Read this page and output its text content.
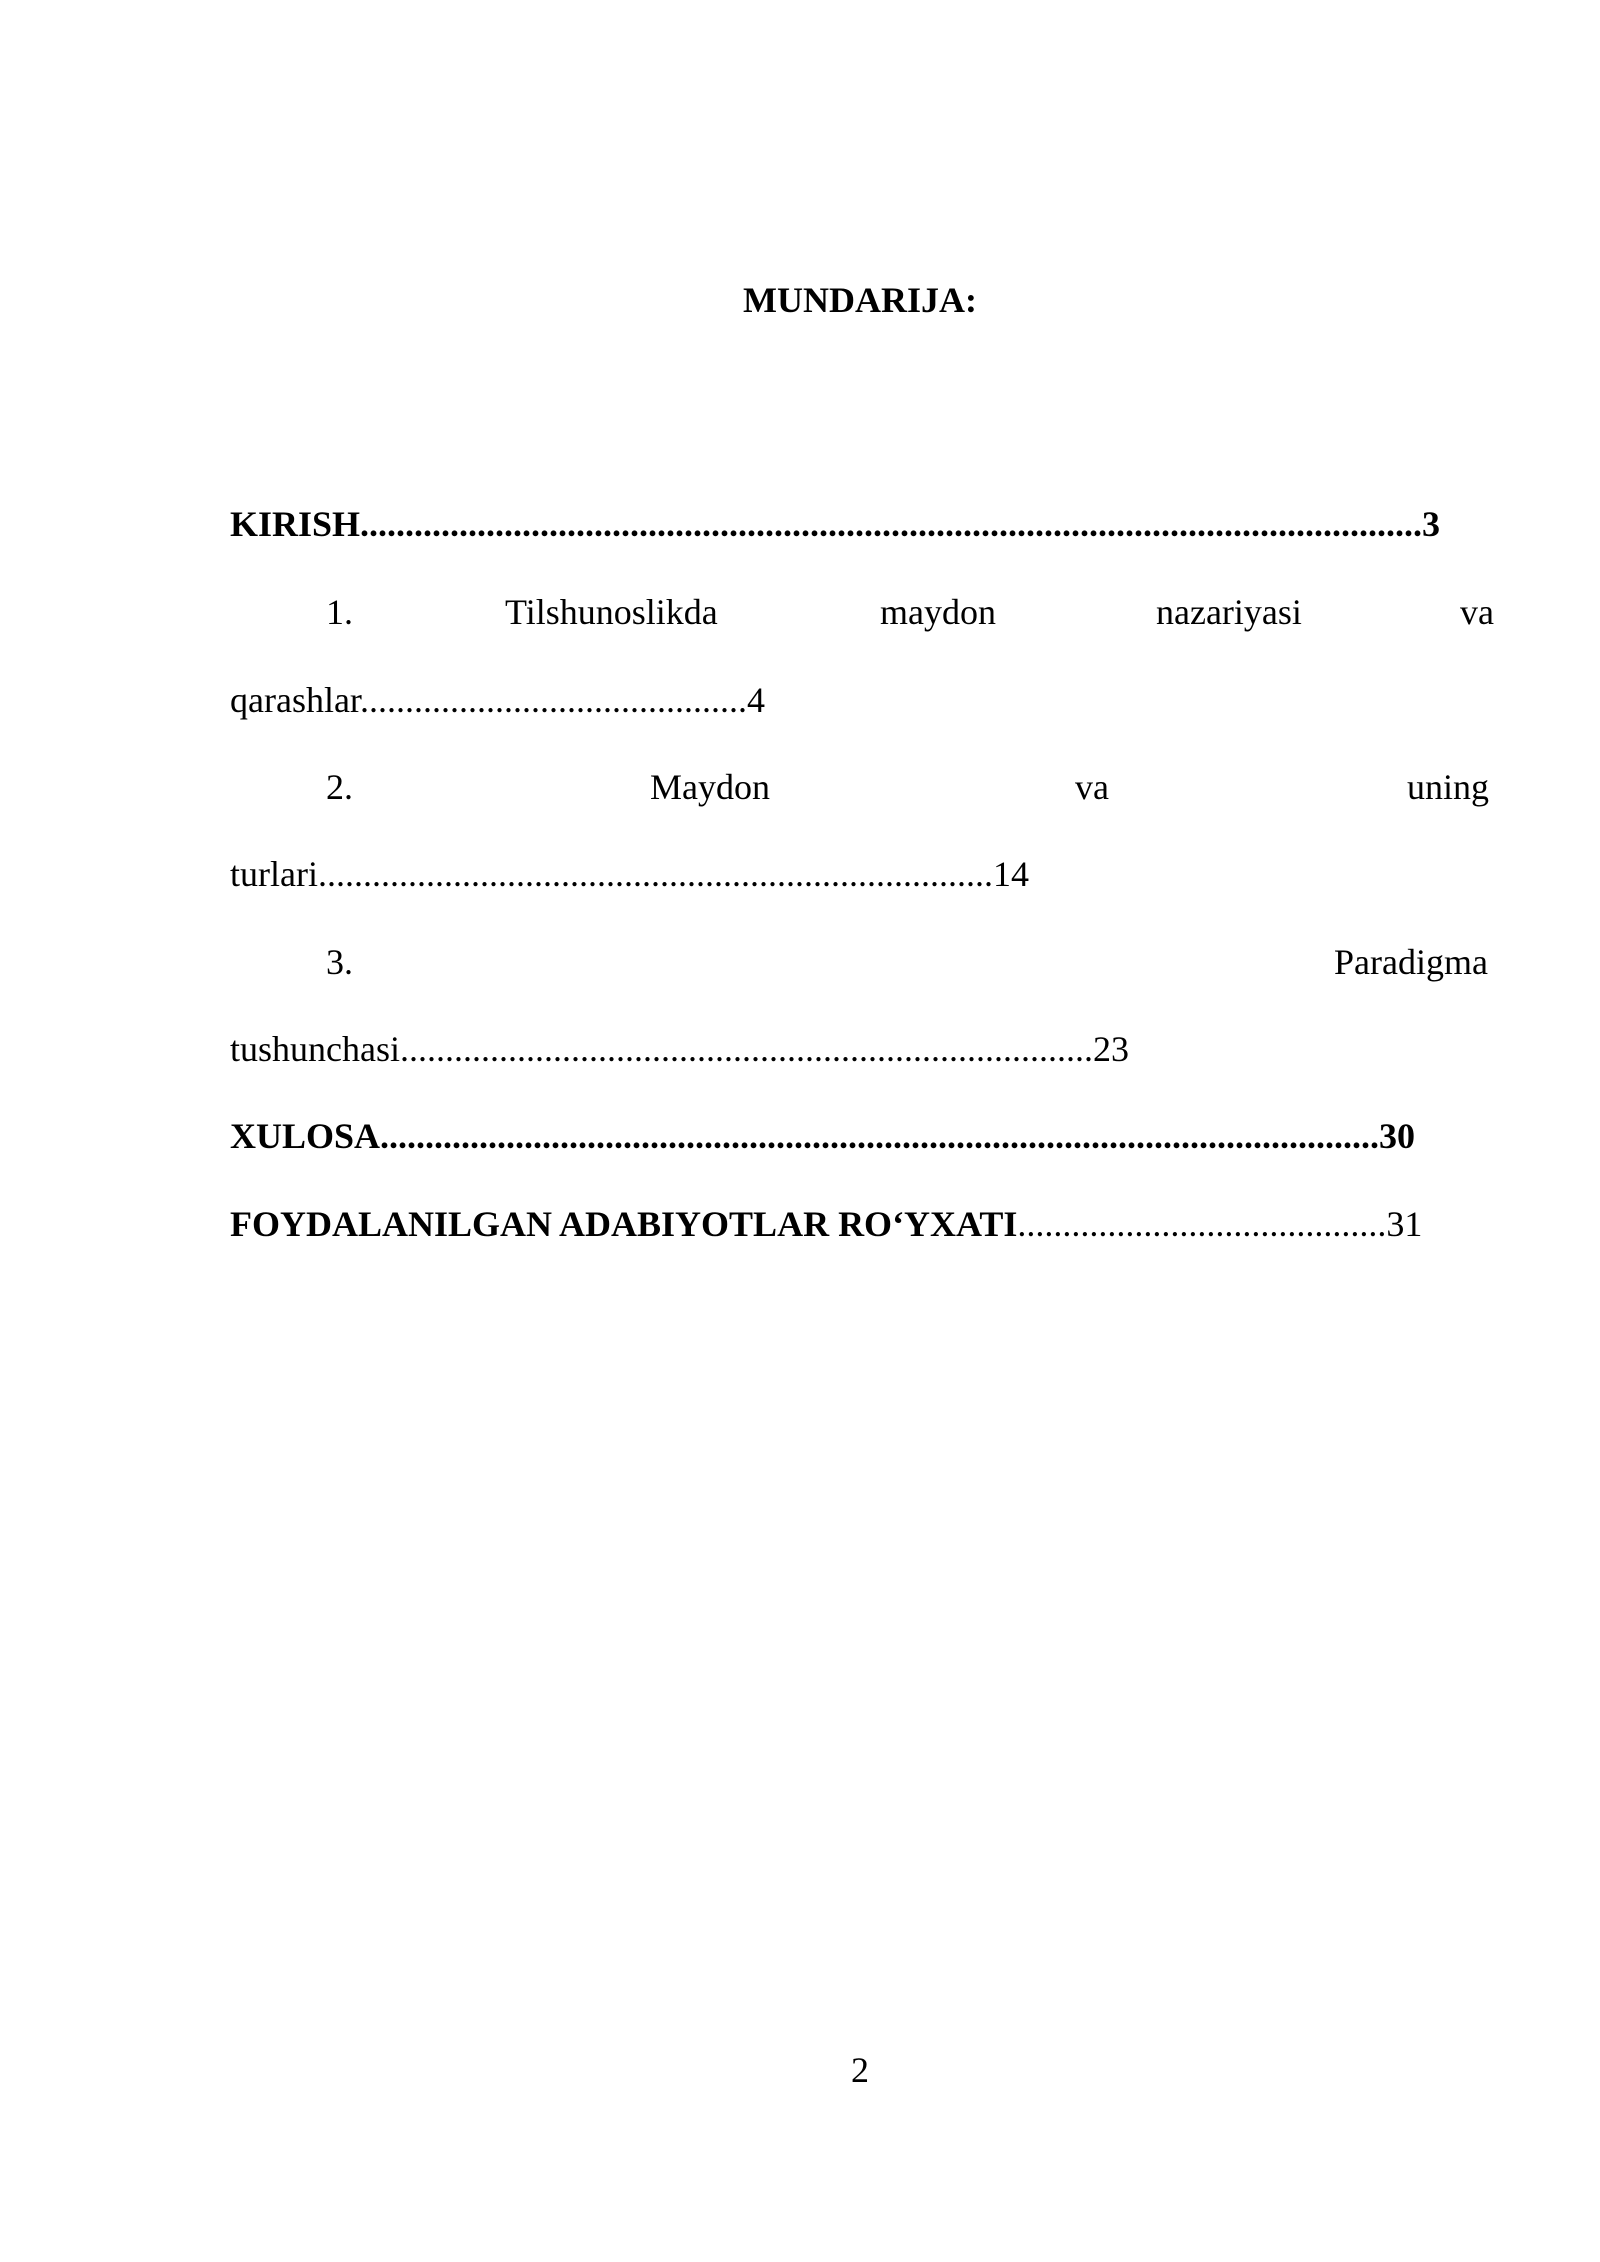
MUNDARIJA:
KIRISH......................................................................................................................3
1.	Tilshunoslikda	maydon	nazariyasi	va
qarashlar...........................................4
2.	Maydon	va	uning
turlari...........................................................................14
3.	Paradigma
tushunchasi.............................................................................23
XULOSA...............................................................................................................30
FOYDALANILGAN ADABIYOTLAR RO‘YXATI.........................................31
2
